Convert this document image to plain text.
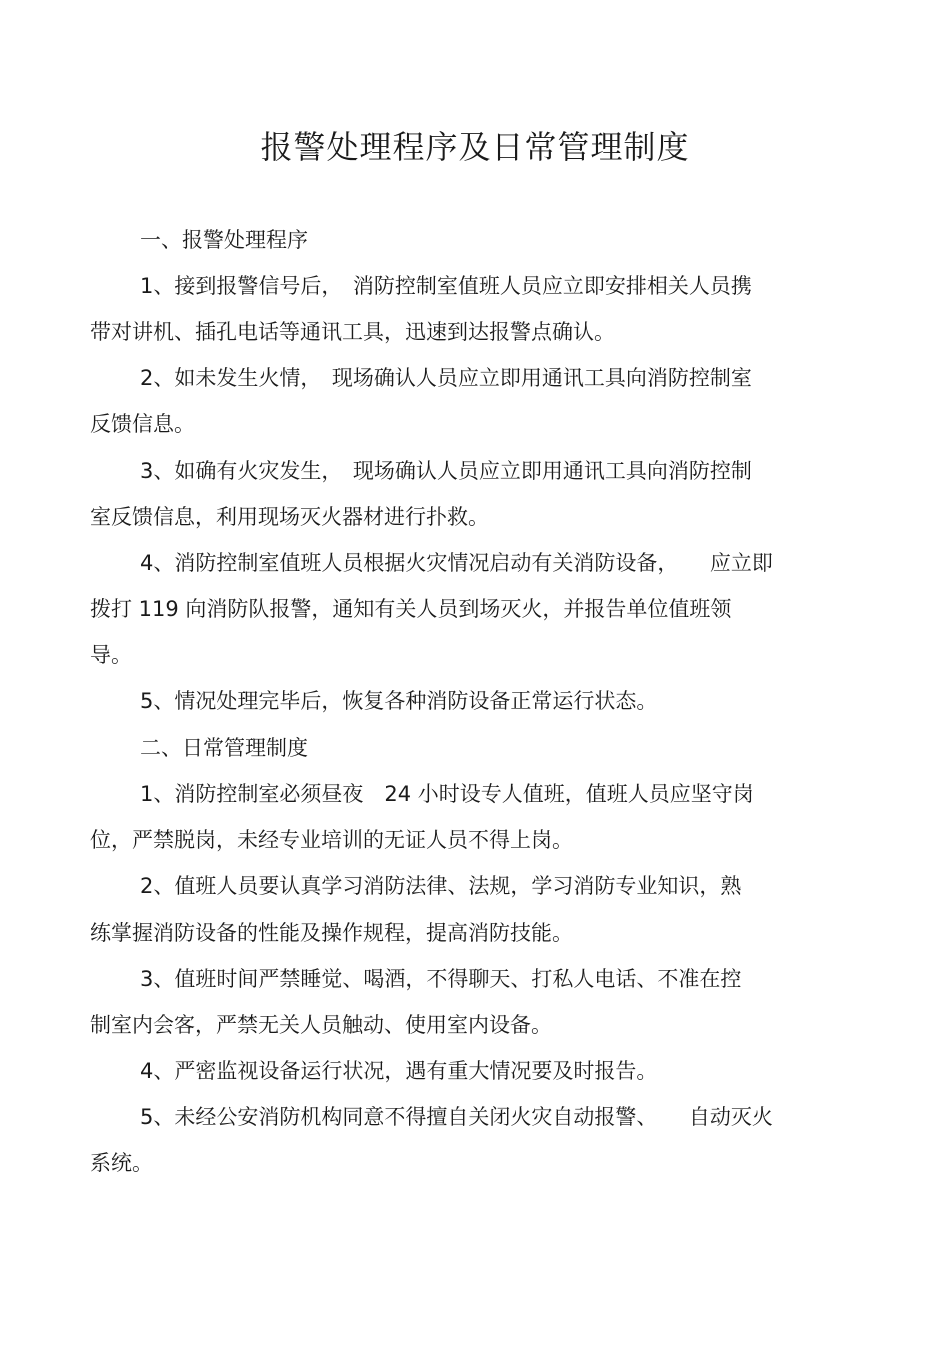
报警处理程序及日常管理制度
一、报警处理程序
1、接到报警信号后，　消防控制室值班人员应立即安排相关人员携
带对讲机、插孔电话等通讯工具，迅速到达报警点确认。
2、如未发生火情，　现场确认人员应立即用通讯工具向消防控制室
反馈信息。
3、如确有火灾发生，　现场确认人员应立即用通讯工具向消防控制
室反馈信息，利用现场灭火器材进行扑救。
4、消防控制室值班人员根据火灾情况启动有关消防设备，　　应立即
拨打 119 向消防队报警，通知有关人员到场灭火，并报告单位值班领
导。
5、情况处理完毕后，恢复各种消防设备正常运行状态。
二、日常管理制度
1、消防控制室必须昼夜　24 小时设专人值班，值班人员应坚守岗
位，严禁脱岗，未经专业培训的无证人员不得上岗。
2、值班人员要认真学习消防法律、法规，学习消防专业知识，熟
练掌握消防设备的性能及操作规程，提高消防技能。
3、值班时间严禁睡觉、喝酒，不得聊天、打私人电话、不准在控
制室内会客，严禁无关人员触动、使用室内设备。
4、严密监视设备运行状况，遇有重大情况要及时报告。
5、未经公安消防机构同意不得擅自关闭火灾自动报警、　　自动灭火
系统。
